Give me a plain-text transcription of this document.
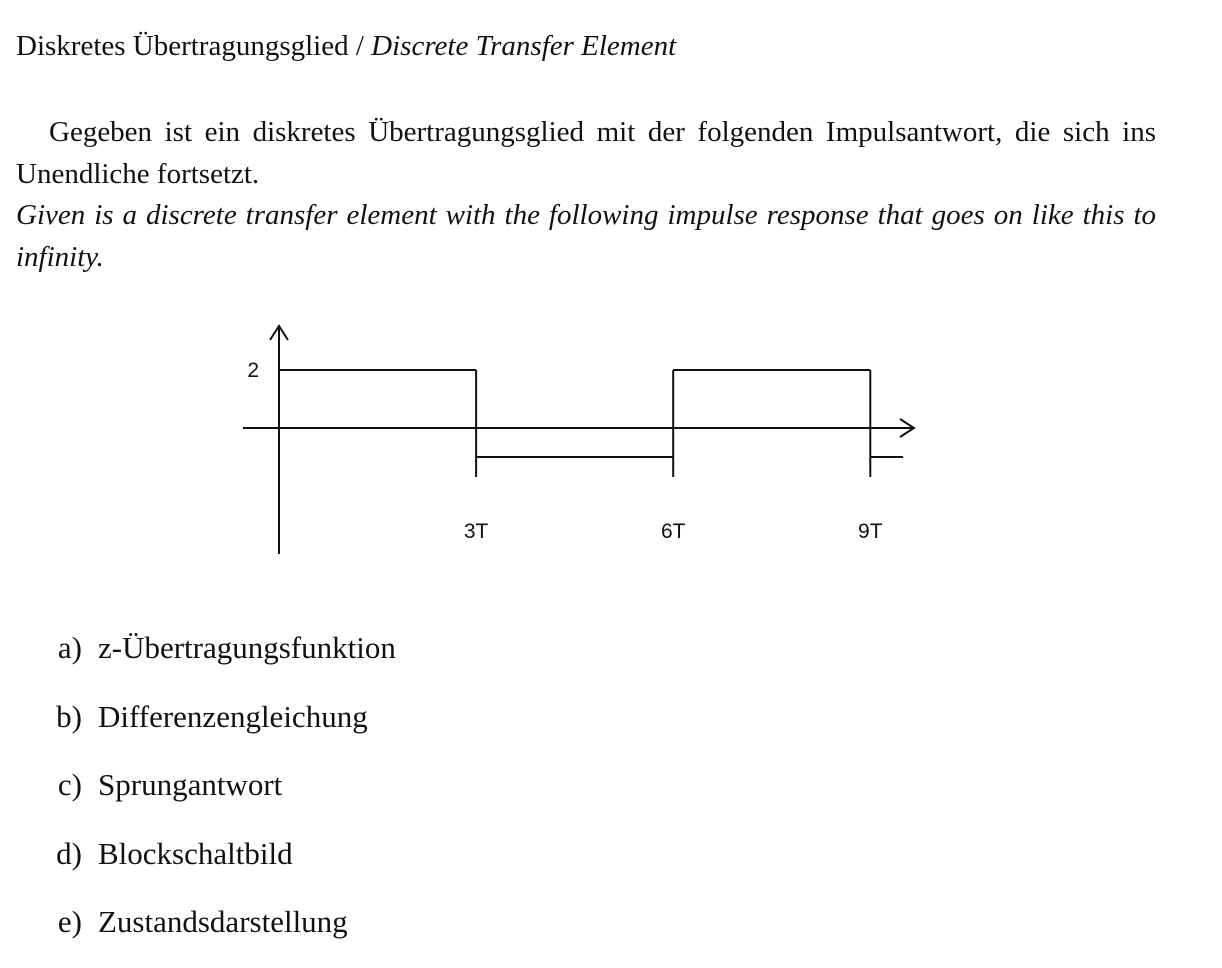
Diskretes Übertragungsglied / Discrete Transfer Element
Gegeben ist ein diskretes Übertragungsglied mit der folgenden Impulsantwort, die sich ins Unendliche fortsetzt.
Given is a discrete transfer element with the following impulse response that goes on like this to infinity.
2
3T	6T	9T
a) z-Übertragungsfunktion
b) Differenzengleichung
c) Sprungantwort
d) Blockschaltbild
e) Zustandsdarstellung
